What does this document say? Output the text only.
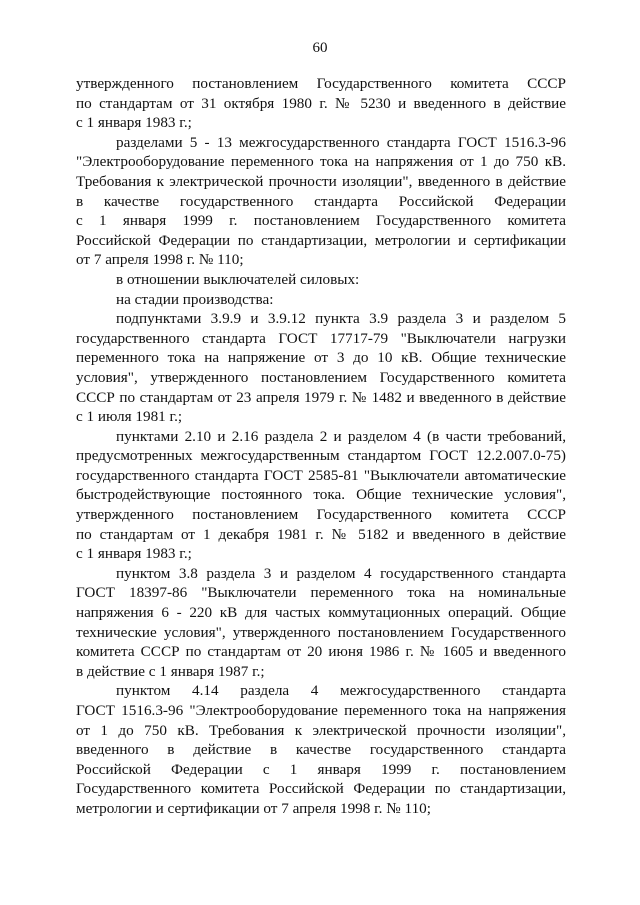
60
утвержденного постановлением Государственного комитета СССР
по стандартам от 31 октября 1980 г. № 5230 и введенного в действие
с 1 января 1983 г.;
разделами 5 - 13 межгосударственного стандарта ГОСТ 1516.3-96
"Электрооборудование переменного тока на напряжения от 1 до 750 кВ.
Требования к электрической прочности изоляции", введенного в действие
в качестве государственного стандарта Российской Федерации
с 1 января 1999 г. постановлением Государственного комитета
Российской Федерации по стандартизации, метрологии и сертификации
от 7 апреля 1998 г. № 110;
в отношении выключателей силовых:
на стадии производства:
подпунктами 3.9.9 и 3.9.12 пункта 3.9 раздела 3 и разделом 5
государственного стандарта ГОСТ 17717-79 "Выключатели нагрузки
переменного тока на напряжение от 3 до 10 кВ. Общие технические
условия", утвержденного постановлением Государственного комитета
СССР по стандартам от 23 апреля 1979 г. № 1482 и введенного в действие
с 1 июля 1981 г.;
пунктами 2.10 и 2.16 раздела 2 и разделом 4 (в части требований,
предусмотренных межгосударственным стандартом ГОСТ 12.2.007.0-75)
государственного стандарта ГОСТ 2585-81 "Выключатели автоматические
быстродействующие постоянного тока. Общие технические условия",
утвержденного постановлением Государственного комитета СССР
по стандартам от 1 декабря 1981 г. № 5182 и введенного в действие
с 1 января 1983 г.;
пунктом 3.8 раздела 3 и разделом 4 государственного стандарта
ГОСТ 18397-86 "Выключатели переменного тока на номинальные
напряжения 6 - 220 кВ для частых коммутационных операций. Общие
технические условия", утвержденного постановлением Государственного
комитета СССР по стандартам от 20 июня 1986 г. № 1605 и введенного
в действие с 1 января 1987 г.;
пунктом 4.14 раздела 4 межгосударственного стандарта
ГОСТ 1516.3-96 "Электрооборудование переменного тока на напряжения
от 1 до 750 кВ. Требования к электрической прочности изоляции",
введенного в действие в качестве государственного стандарта
Российской Федерации с 1 января 1999 г. постановлением
Государственного комитета Российской Федерации по стандартизации,
метрологии и сертификации от 7 апреля 1998 г. № 110;
